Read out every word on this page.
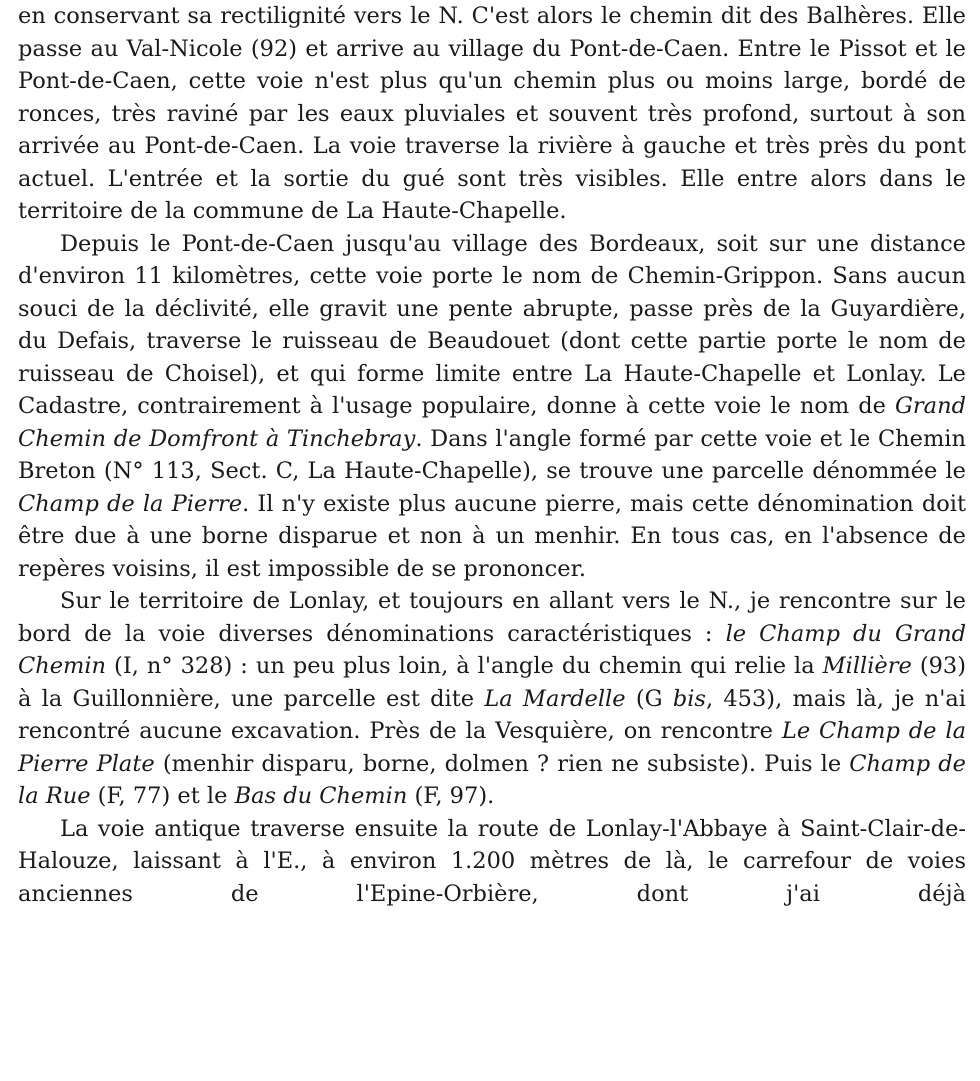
en conservant sa rectilignité vers le N. C'est alors le chemin dit des Balhères. Elle passe au Val-Nicole (92) et arrive au village du Pont-de-Caen. Entre le Pissot et le Pont-de-Caen, cette voie n'est plus qu'un chemin plus ou moins large, bordé de ronces, très raviné par les eaux pluviales et souvent très profond, surtout à son arrivée au Pont-de-Caen. La voie traverse la rivière à gauche et très près du pont actuel. L'entrée et la sortie du gué sont très visibles. Elle entre alors dans le territoire de la commune de La Haute-Chapelle.

Depuis le Pont-de-Caen jusqu'au village des Bordeaux, soit sur une distance d'environ 11 kilomètres, cette voie porte le nom de Chemin-Grippon. Sans aucun souci de la déclivité, elle gravit une pente abrupte, passe près de la Guyardière, du Defais, traverse le ruisseau de Beaudouet (dont cette partie porte le nom de ruisseau de Choisel), et qui forme limite entre La Haute-Chapelle et Lonlay. Le Cadastre, contrairement à l'usage populaire, donne à cette voie le nom de Grand Chemin de Domfront à Tinchebray. Dans l'angle formé par cette voie et le Chemin Breton (N° 113, Sect. C, La Haute-Chapelle), se trouve une parcelle dénommée le Champ de la Pierre. Il n'y existe plus aucune pierre, mais cette dénomination doit être due à une borne disparue et non à un menhir. En tous cas, en l'absence de repères voisins, il est impossible de se prononcer.

Sur le territoire de Lonlay, et toujours en allant vers le N., je rencontre sur le bord de la voie diverses dénominations caractéristiques : le Champ du Grand Chemin (I, n° 328) : un peu plus loin, à l'angle du chemin qui relie la Millière (93) à la Guillonnière, une parcelle est dite La Mardelle (G bis, 453), mais là, je n'ai rencontré aucune excavation. Près de la Vesquière, on rencontre Le Champ de la Pierre Plate (menhir disparu, borne, dolmen ? rien ne subsiste). Puis le Champ de la Rue (F, 77) et le Bas du Chemin (F, 97).

La voie antique traverse ensuite la route de Lonlay-l'Abbaye à Saint-Clair-de-Halouze, laissant à l'E., à environ 1.200 mètres de là, le carrefour de voies anciennes de l'Epine-Orbière, dont j'ai déjà
